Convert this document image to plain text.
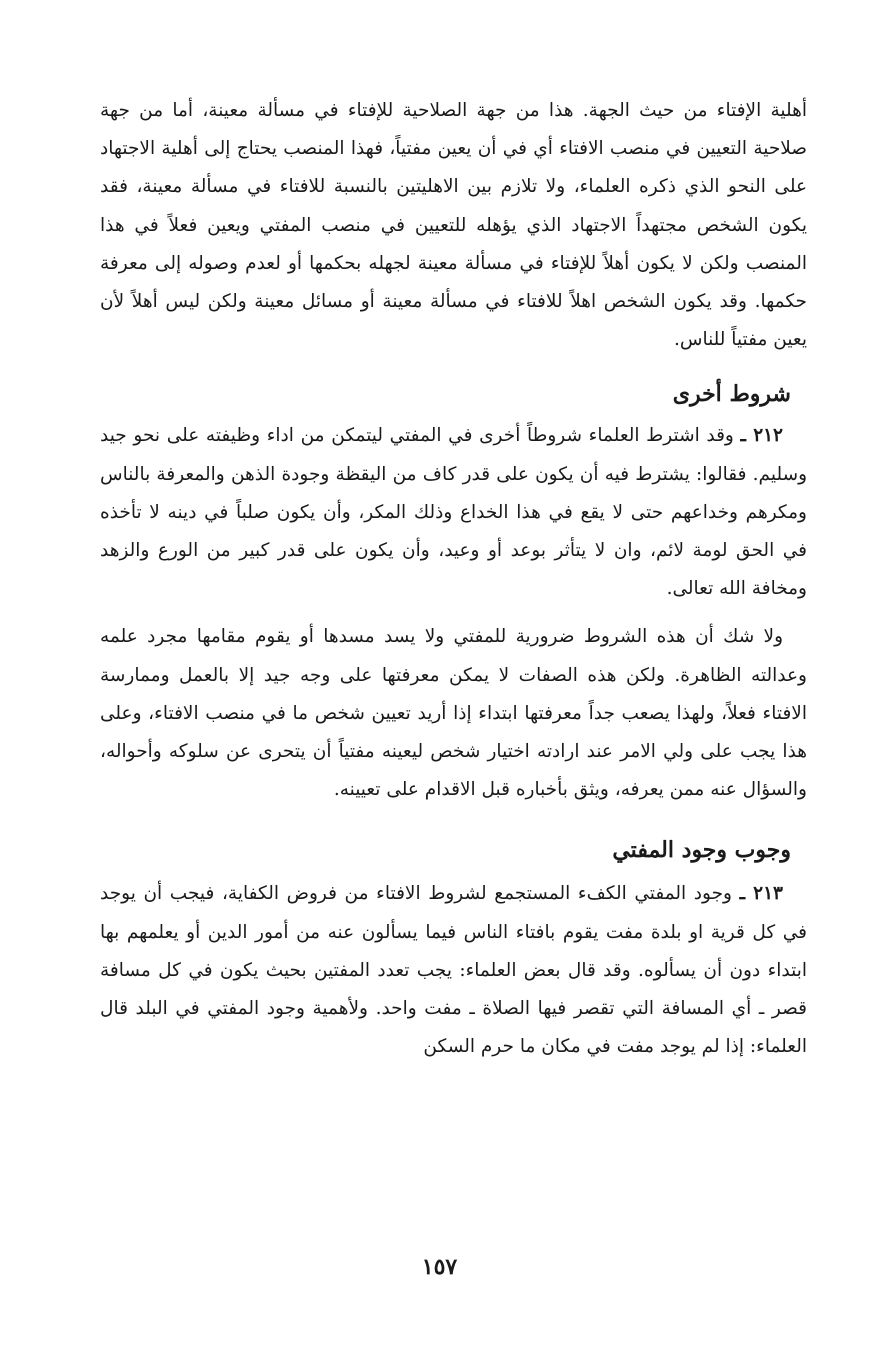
أهلية الإفتاء من حيث الجهة. هذا من جهة الصلاحية للإفتاء في مسألة معينة، أما من جهة صلاحية التعيين في منصب الافتاء أي في أن يعين مفتياً، فهذا المنصب يحتاج إلى أهلية الاجتهاد على النحو الذي ذكره العلماء، ولا تلازم بين الاهليتين بالنسبة للافتاء في مسألة معينة، فقد يكون الشخص مجتهداً الاجتهاد الذي يؤهله للتعيين في منصب المفتي ويعين فعلاً في هذا المنصب ولكن لا يكون أهلاً للإفتاء في مسألة معينة لجهله بحكمها أو لعدم وصوله إلى معرفة حكمها. وقد يكون الشخص اهلاً للافتاء في مسألة معينة أو مسائل معينة ولكن ليس أهلاً لأن يعين مفتياً للناس.

شروط أخرى

٢١٢ ـ وقد اشترط العلماء شروطاً أخرى في المفتي ليتمكن من اداء وظيفته على نحو جيد وسليم. فقالوا: يشترط فيه أن يكون على قدر كاف من اليقظة وجودة الذهن والمعرفة بالناس ومكرهم وخداعهم حتى لا يقع في هذا الخداع وذلك المكر، وأن يكون صلباً في دينه لا تأخذه في الحق لومة لائم، وان لا يتأثر بوعد أو وعيد، وأن يكون على قدر كبير من الورع والزهد ومخافة الله تعالى.

ولا شك أن هذه الشروط ضرورية للمفتي ولا يسد مسدها أو يقوم مقامها مجرد علمه وعدالته الظاهرة. ولكن هذه الصفات لا يمكن معرفتها على وجه جيد إلا بالعمل وممارسة الافتاء فعلاً، ولهذا يصعب جداً معرفتها ابتداء إذا أريد تعيين شخص ما في منصب الافتاء، وعلى هذا يجب على ولي الامر عند ارادته اختيار شخص ليعينه مفتياً أن يتحرى عن سلوكه وأحواله، والسؤال عنه ممن يعرفه، ويثق بأخباره قبل الاقدام على تعيينه.

وجوب وجود المفتي

٢١٣ ـ وجود المفتي الكفء المستجمع لشروط الافتاء من فروض الكفاية، فيجب أن يوجد في كل قرية او بلدة مفت يقوم بافتاء الناس فيما يسألون عنه من أمور الدين أو يعلمهم بها ابتداء دون أن يسألوه. وقد قال بعض العلماء: يجب تعدد المفتين بحيث يكون في كل مسافة قصر ـ أي المسافة التي تقصر فيها الصلاة ـ مفت واحد. ولأهمية وجود المفتي في البلد قال العلماء: إذا لم يوجد مفت في مكان ما حرم السكن

١٥٧
